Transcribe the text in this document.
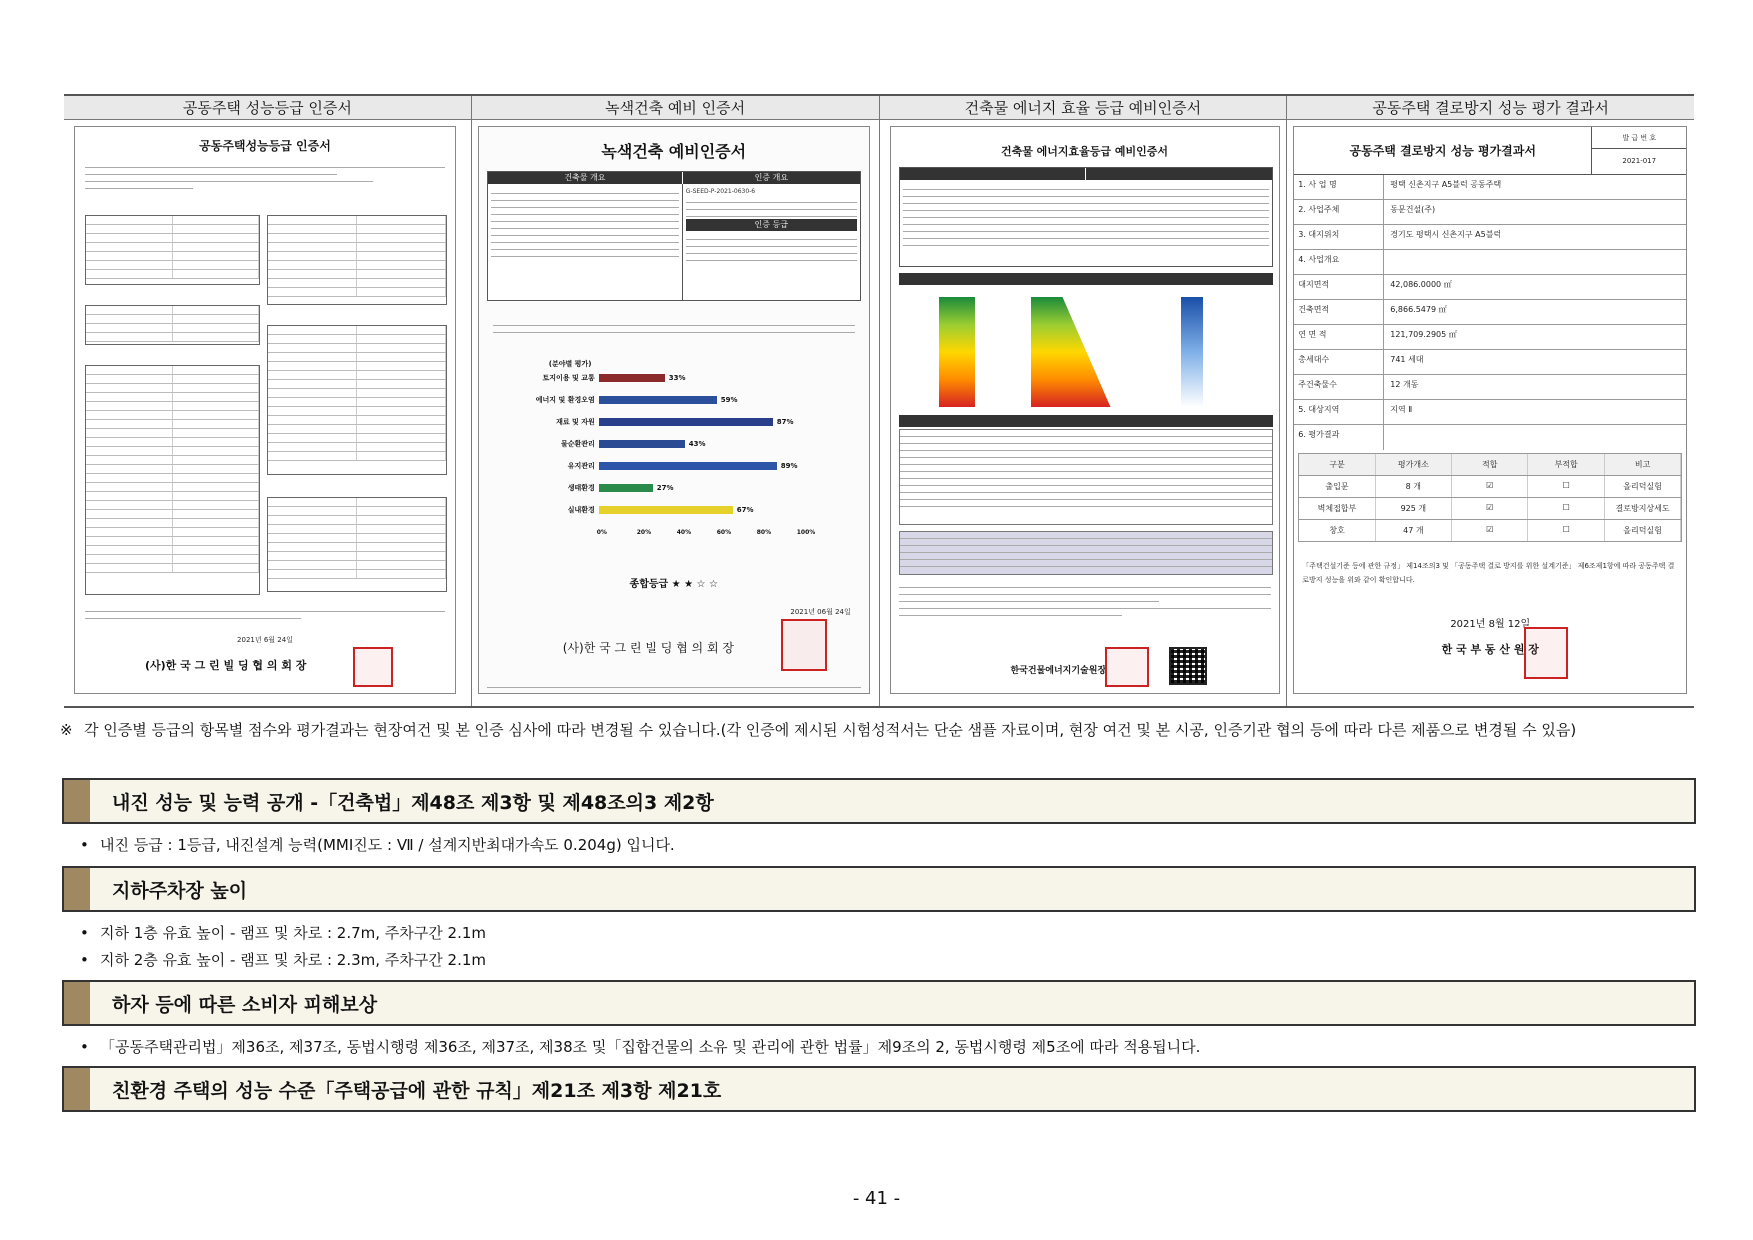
공동주택 성능등급 인증서	녹색건축 예비 인증서	건축물 에너지 효율 등급 예비인증서	공동주택 결로방지 성능 평가 결과서
공동주택성능등급 인증서
2021년 6월 24일
(사)한 국 그 린 빌 딩 협 의 회 장
녹색건축 예비인증서
건축물 개요	인증 개요
G-SEED-P-2021-0630-6
인증 등급
(분야별 평가)
토지이용 및 교통	33%
에너지 및 환경오염	59%
재료 및 자원	87%
물순환관리	43%
유지관리	89%
생태환경	27%
실내환경	67%
0%	20%	40%	60%	80%	100%
종합등급 ★ ★ ☆ ☆
2021년 06월 24일
(사)한 국 그 린 빌 딩 협 의 회 장
건축물 에너지효율등급 예비인증서
한국건물에너지기술원장
공동주택 결로방지 성능 평가결과서
발 급 번 호
2021-017
1. 사 업 명	평택 신촌지구 A5블럭 공동주택
2. 사업주체	동문건설(주)
3. 대지위치	경기도 평택시 신촌지구 A5블럭
4. 사업개요
대지면적	42,086.0000 ㎡
건축면적	6,866.5479 ㎡
연 면 적	121,709.2905 ㎡
총세대수	741 세대
주건축물수	12 개동
5. 대상지역	지역 Ⅱ
6. 평가결과
구분	평가개소	적합	부적합	비고
출입문	8 개	☑	☐	올리덕실험
벽체접합부	925 개	☑	☐	결로방지상세도
창호	47 개	☑	☐	올리덕실험
「주택건설기준 등에 관한 규정」 제14조의3 및 「공동주택 결로 방지를 위한 설계기준」 제6조제1항에 따라 공동주택 결로방지 성능을 위와 같이 확인합니다.
2021년 8월 12일
한 국 부 동 산 원 장
※ 각 인증별 등급의 항목별 점수와 평가결과는 현장여건 및 본 인증 심사에 따라 변경될 수 있습니다.(각 인증에 제시된 시험성적서는 단순 샘플 자료이며, 현장 여건 및 본 시공, 인증기관 협의 등에 따라 다른 제품으로 변경될 수 있음)
내진 성능 및 능력 공개 -「건축법」제48조 제3항 및 제48조의3 제2항
• 내진 등급 : 1등급, 내진설계 능력(MMI진도 : Ⅶ / 설계지반최대가속도 0.204g) 입니다.
지하주차장 높이
• 지하 1층 유효 높이 - 램프 및 차로 : 2.7m, 주차구간 2.1m
• 지하 2층 유효 높이 - 램프 및 차로 : 2.3m, 주차구간 2.1m
하자 등에 따른 소비자 피해보상
• 「공동주택관리법」제36조, 제37조, 동법시행령 제36조, 제37조, 제38조 및「집합건물의 소유 및 관리에 관한 법률」제9조의 2, 동법시행령 제5조에 따라 적용됩니다.
친환경 주택의 성능 수준「주택공급에 관한 규칙」제21조 제3항 제21호
- 41 -
